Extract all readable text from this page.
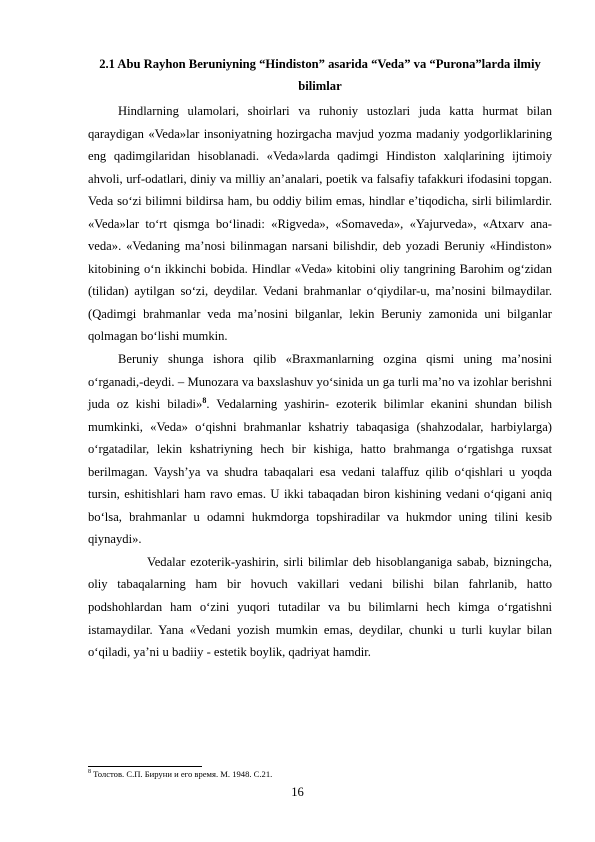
2.1 Abu Rayhon Beruniyning “Hindiston” asarida “Veda” va “Purona”larda ilmiy bilimlar

Hindlarning ulamolari, shoirlari va ruhoniy ustozlari juda katta hurmat bilan qaraydigan «Veda»lar insoniyatning hozirgacha mavjud yozma madaniy yodgorliklarining eng qadimgilaridan hisoblanadi. «Veda»larda qadimgi Hindiston xalqlarining ijtimoiy ahvoli, urf-odatlari, diniy va milliy an’analari, poetik va falsafiy tafakkuri ifodasini topgan. Veda so‘zi bilimni bildirsa ham, bu oddiy bilim emas, hindlar e’tiqodicha, sirli bilimlardir. «Veda»lar to‘rt qismga bo‘linadi: «Rigveda», «Somaveda», «Yajurveda», «Atxarv ana-veda». «Vedaning ma’nosi bilinmagan narsani bilishdir, deb yozadi Beruniy «Hindiston» kitobining o‘n ikkinchi bobida. Hindlar «Veda» kitobini oliy tangrining Barohim og‘zidan (tilidan) aytilgan so‘zi, deydilar. Vedani brahmanlar o‘qiydilar-u, ma’nosini bilmaydilar. (Qadimgi brahmanlar veda ma’nosini bilganlar, lekin Beruniy zamonida uni bilganlar qolmagan bo‘lishi mumkin.

Beruniy shunga ishora qilib «Braxmanlarning ozgina qismi uning ma’nosini o‘rganadi,-deydi. – Munozara va baxslashuv yo‘sinida un ga turli ma’no va izohlar berishni juda oz kishi biladi»$^8$. Vedalarning yashirin- ezoterik bilimlar ekanini shundan bilish mumkinki, «Veda» o‘qishni brahmanlar kshatriy tabaqasiga (shahzodalar, harbiylarga) o‘rgatadilar, lekin kshatriyning hech bir kishiga, hatto brahmanga o‘rgatishga ruxsat berilmagan. Vaysh’ya va shudra tabaqalari esa vedani talaffuz qilib o‘qishlari u yoqda tursin, eshitishlari ham ravo emas. U ikki tabaqadan biron kishining vedani o‘qigani aniq bo‘lsa, brahmanlar u odamni hukmdorga topshiradilar va hukmdor uning tilini kesib qiynaydi».

Vedalar ezoterik-yashirin, sirli bilimlar deb hisoblanganiga sabab, bizningcha, oliy tabaqalarning ham bir hovuch vakillari vedani bilishi bilan fahrlanib, hatto podshohlardan ham o‘zini yuqori tutadilar va bu bilimlarni hech kimga o‘rgatishni istamaydilar. Yana «Vedani yozish mumkin emas, deydilar, chunki u turli kuylar bilan o‘qiladi, ya’ni u badiiy - estetik boylik, qadriyat hamdir.

$^8$ Толстов. С.П. Бируни и его время. М. 1948. С.21.
16
